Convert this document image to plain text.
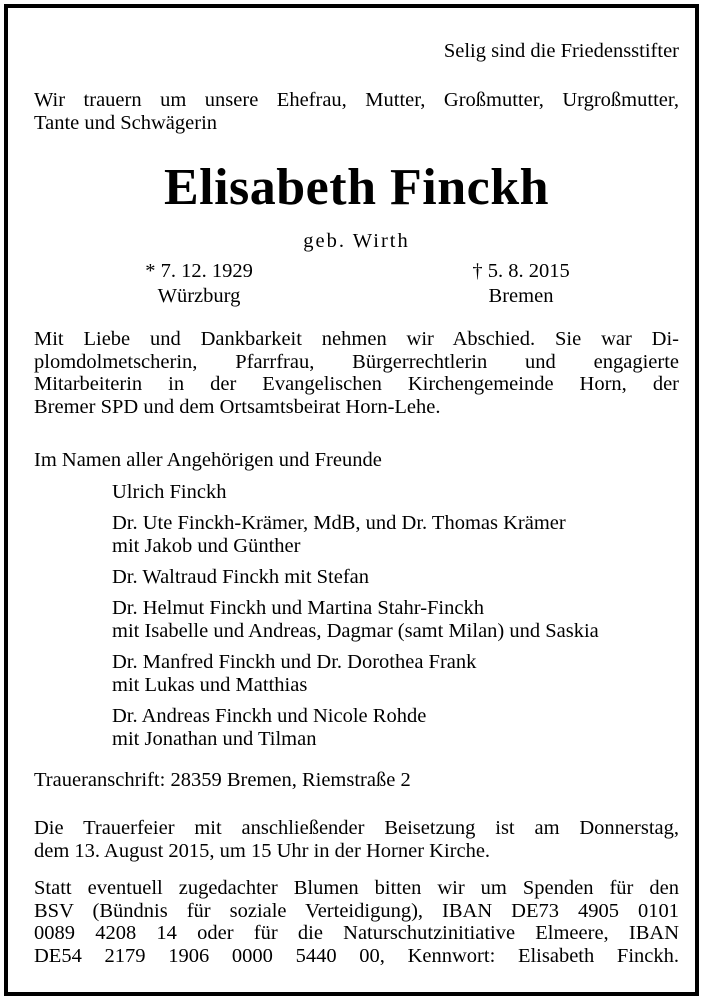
Selig sind die Friedensstifter
Wir trauern um unsere Ehefrau, Mutter, Großmutter, Urgroßmutter,
Tante und Schwägerin
Elisabeth Finckh
geb. Wirth
* 7. 12. 1929
Würzburg
† 5. 8. 2015
Bremen
Mit Liebe und Dankbarkeit nehmen wir Abschied. Sie war Di-
plomdolmetscherin, Pfarrfrau, Bürgerrechtlerin und engagierte
Mitarbeiterin in der Evangelischen Kirchengemeinde Horn, der
Bremer SPD und dem Ortsamtsbeirat Horn-Lehe.
Im Namen aller Angehörigen und Freunde
Ulrich Finckh
Dr. Ute Finckh-Krämer, MdB, und Dr. Thomas Krämer
mit Jakob und Günther
Dr. Waltraud Finckh mit Stefan
Dr. Helmut Finckh und Martina Stahr-Finckh
mit Isabelle und Andreas, Dagmar (samt Milan) und Saskia
Dr. Manfred Finckh und Dr. Dorothea Frank
mit Lukas und Matthias
Dr. Andreas Finckh und Nicole Rohde
mit Jonathan und Tilman
Traueranschrift: 28359 Bremen, Riemstraße 2
Die Trauerfeier mit anschließender Beisetzung ist am Donnerstag,
dem 13. August 2015, um 15 Uhr in der Horner Kirche.
Statt eventuell zugedachter Blumen bitten wir um Spenden für den
BSV (Bündnis für soziale Verteidigung), IBAN DE73 4905 0101
0089 4208 14 oder für die Naturschutzinitiative Elmeere, IBAN
DE54 2179 1906 0000 5440 00, Kennwort: Elisabeth Finckh.
